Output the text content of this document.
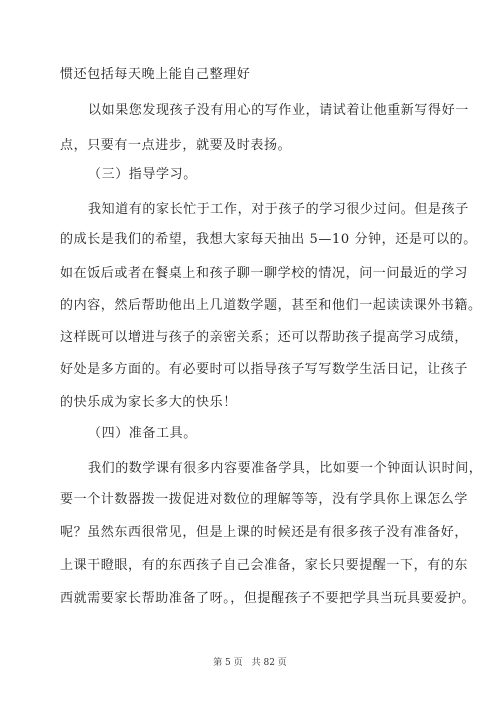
惯还包括每天晚上能自己整理好
以如果您发现孩子没有用心的写作业，请试着让他重新写得好一
点，只要有一点进步，就要及时表扬。
（三）指导学习。
我知道有的家长忙于工作，对于孩子的学习很少过问。但是孩子
的成长是我们的希望，我想大家每天抽出 5—10 分钟，还是可以的。
如在饭后或者在餐桌上和孩子聊一聊学校的情况，问一问最近的学习
的内容，然后帮助他出上几道数学题，甚至和他们一起读读课外书籍。
这样既可以增进与孩子的亲密关系；还可以帮助孩子提高学习成绩，
好处是多方面的。有必要时可以指导孩子写写数学生活日记，让孩子
的快乐成为家长多大的快乐！
（四）准备工具。
我们的数学课有很多内容要准备学具，比如要一个钟面认识时间，
要一个计数器拨一拨促进对数位的理解等等，没有学具你上课怎么学
呢？虽然东西很常见，但是上课的时候还是有很多孩子没有准备好，
上课干瞪眼，有的东西孩子自己会准备，家长只要提醒一下，有的东
西就需要家长帮助准备了呀。，但提醒孩子不要把学具当玩具要爱护。
第 5 页　共 82 页
